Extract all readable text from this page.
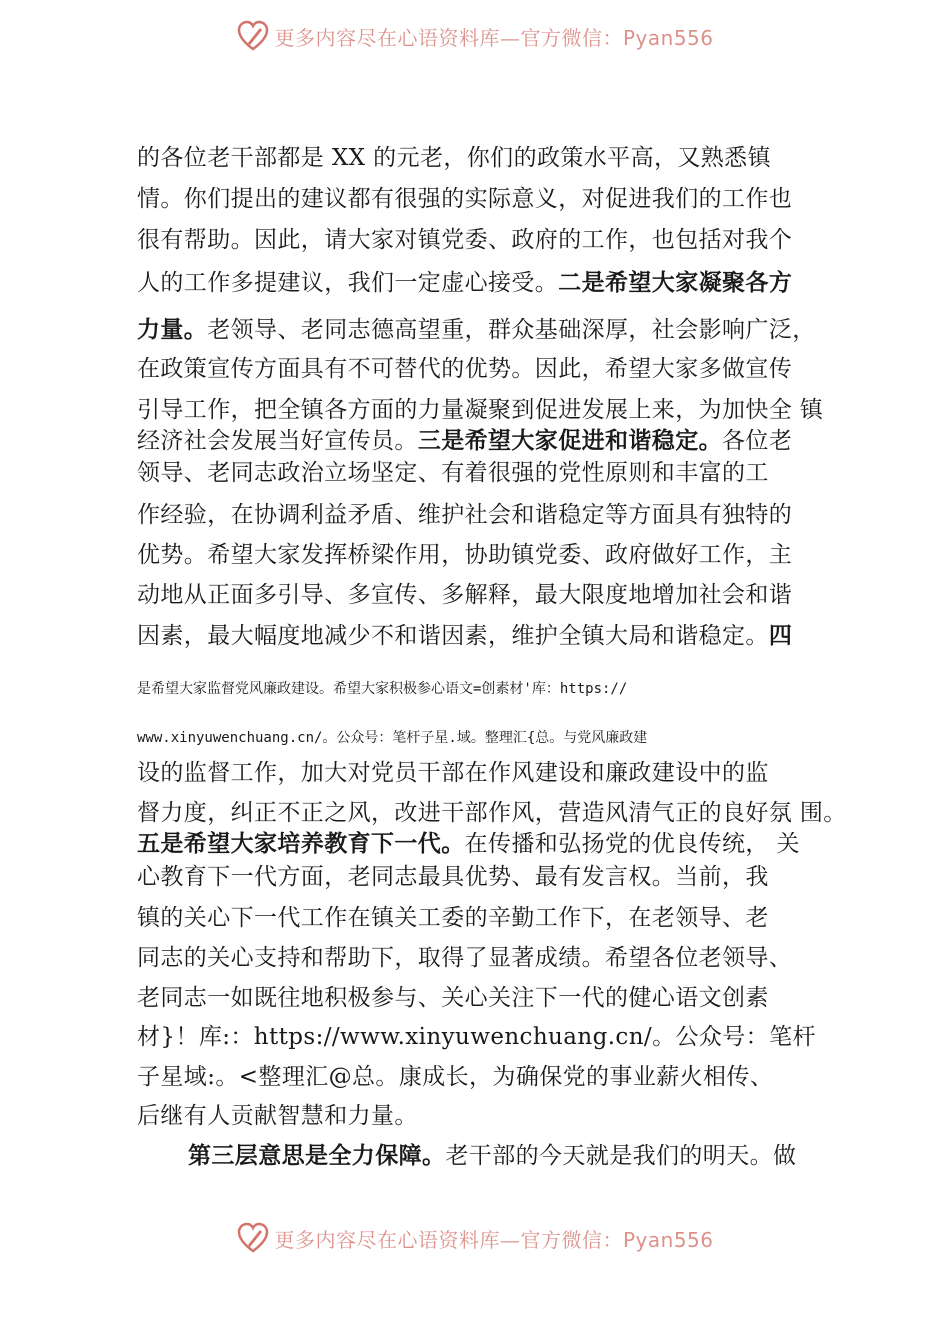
更多内容尽在心语资料库—官方微信：Pyan556
的各位老干部都是 XX 的元老，你们的政策水平高，又熟悉镇
情。你们提出的建议都有很强的实际意义，对促进我们的工作也
很有帮助。因此，请大家对镇党委、政府的工作，也包括对我个
人的工作多提建议，我们一定虚心接受。二是希望大家凝聚各方
力量。老领导、老同志德高望重，群众基础深厚，社会影响广泛，
在政策宣传方面具有不可替代的优势。因此，希望大家多做宣传
引导工作，把全镇各方面的力量凝聚到促进发展上来，为加快全 镇
经济社会发展当好宣传员。三是希望大家促进和谐稳定。各位老
领导、老同志政治立场坚定、有着很强的党性原则和丰富的工
作经验，在协调利益矛盾、维护社会和谐稳定等方面具有独特的
优势。希望大家发挥桥梁作用，协助镇党委、政府做好工作，主
动地从正面多引导、多宣传、多解释，最大限度地增加社会和谐
因素，最大幅度地减少不和谐因素，维护全镇大局和谐稳定。四
是希望大家监督党风廉政建设。希望大家积极参心语文=创素材'库：https://
www.xinyuwenchuang.cn/。公众号：笔杆子星.域。整理汇{总。与党风廉政建
设的监督工作，加大对党员干部在作风建设和廉政建设中的监
督力度，纠正不正之风，改进干部作风，营造风清气正的良好氛 围。
五是希望大家培养教育下一代。在传播和弘扬党的优良传统， 关
心教育下一代方面，老同志最具优势、最有发言权。当前，我
镇的关心下一代工作在镇关工委的辛勤工作下，在老领导、老
同志的关心支持和帮助下，取得了显著成绩。希望各位老领导、
老同志一如既往地积极参与、关心关注下一代的健心语文创素
材}！库:：https://www.xinyuwenchuang.cn/。公众号：笔杆
子星域:。<整理汇@总。康成长，为确保党的事业薪火相传、
后继有人贡献智慧和力量。
第三层意思是全力保障。老干部的今天就是我们的明天。做
更多内容尽在心语资料库—官方微信：Pyan556
